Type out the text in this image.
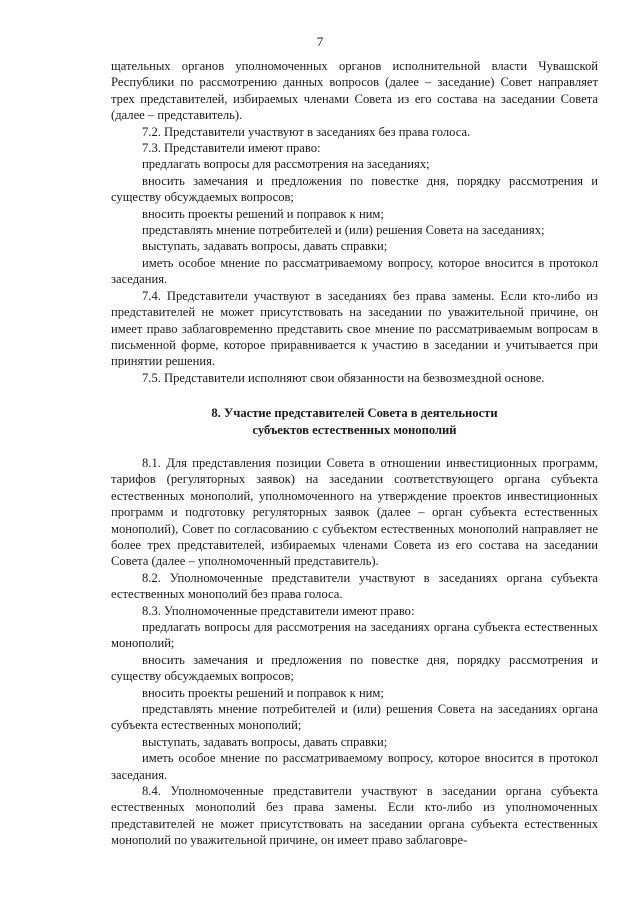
7

щательных органов уполномоченных органов исполнительной власти Чувашской Республики по рассмотрению данных вопросов (далее – заседание) Совет направляет трех представителей, избираемых членами Совета из его состава на заседании Совета (далее – представитель).

7.2. Представители участвуют в заседаниях без права голоса.

7.3. Представители имеют право:

предлагать вопросы для рассмотрения на заседаниях;

вносить замечания и предложения по повестке дня, порядку рассмотрения и существу обсуждаемых вопросов;

вносить проекты решений и поправок к ним;

представлять мнение потребителей и (или) решения Совета на заседаниях;

выступать, задавать вопросы, давать справки;

иметь особое мнение по рассматриваемому вопросу, которое вносится в протокол заседания.

7.4. Представители участвуют в заседаниях без права замены. Если кто-либо из представителей не может присутствовать на заседании по уважительной причине, он имеет право заблаговременно представить свое мнение по рассматриваемым вопросам в письменной форме, которое приравнивается к участию в заседании и учитывается при принятии решения.

7.5. Представители исполняют свои обязанности на безвозмездной основе.

8. Участие представителей Совета в деятельности
субъектов естественных монополий

8.1. Для представления позиции Совета в отношении инвестиционных программ, тарифов (регуляторных заявок) на заседании соответствующего органа субъекта естественных монополий, уполномоченного на утверждение проектов инвестиционных программ и подготовку регуляторных заявок (далее – орган субъекта естественных монополий), Совет по согласованию с субъектом естественных монополий направляет не более трех представителей, избираемых членами Совета из его состава на заседании Совета (далее – уполномоченный представитель).

8.2. Уполномоченные представители участвуют в заседаниях органа субъекта естественных монополий без права голоса.

8.3. Уполномоченные представители имеют право:

предлагать вопросы для рассмотрения на заседаниях органа субъекта естественных монополий;

вносить замечания и предложения по повестке дня, порядку рассмотрения и существу обсуждаемых вопросов;

вносить проекты решений и поправок к ним;

представлять мнение потребителей и (или) решения Совета на заседаниях органа субъекта естественных монополий;

выступать, задавать вопросы, давать справки;

иметь особое мнение по рассматриваемому вопросу, которое вносится в протокол заседания.

8.4. Уполномоченные представители участвуют в заседании органа субъекта естественных монополий без права замены. Если кто-либо из уполномоченных представителей не может присутствовать на заседании органа субъекта естественных монополий по уважительной причине, он имеет право заблаговре-
